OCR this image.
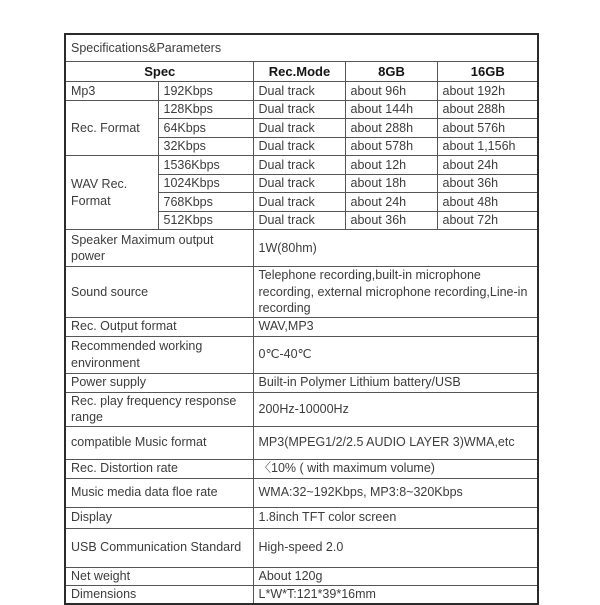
Specifications&Parameters				
Spec		Rec.Mode	8GB	16GB
Mp3	192Kbps	Dual track	about 96h	about 192h
Rec. Format	128Kbps	Dual track	about 144h	about 288h
	64Kbps	Dual track	about 288h	about 576h
	32Kbps	Dual track	about 578h	about 1,156h
WAV Rec. Format	1536Kbps	Dual track	about 12h	about 24h
	1024Kbps	Dual track	about 18h	about 36h
	768Kbps	Dual track	about 24h	about 48h
	512Kbps	Dual track	about 36h	about 72h
Speaker Maximum output power		1W(80hm)		
Sound source		Telephone recording,built-in microphone recording, external microphone recording,Line-in recording		
Rec. Output format		WAV,MP3		
Recommended working environment		0℃-40℃		
Power supply		Built-in Polymer Lithium battery/USB		
Rec. play frequency response range		200Hz-10000Hz		
compatible Music format		MP3(MPEG1/2/2.5 AUDIO LAYER 3)WMA,etc		
Rec. Distortion rate		〈10% ( with maximum volume)		
Music media data floe rate		WMA:32~192Kbps, MP3:8~320Kbps		
Display		1.8inch TFT color screen		
USB Communication Standard		High-speed 2.0		
Net weight		About 120g		
Dimensions		L*W*T:121*39*16mm		
